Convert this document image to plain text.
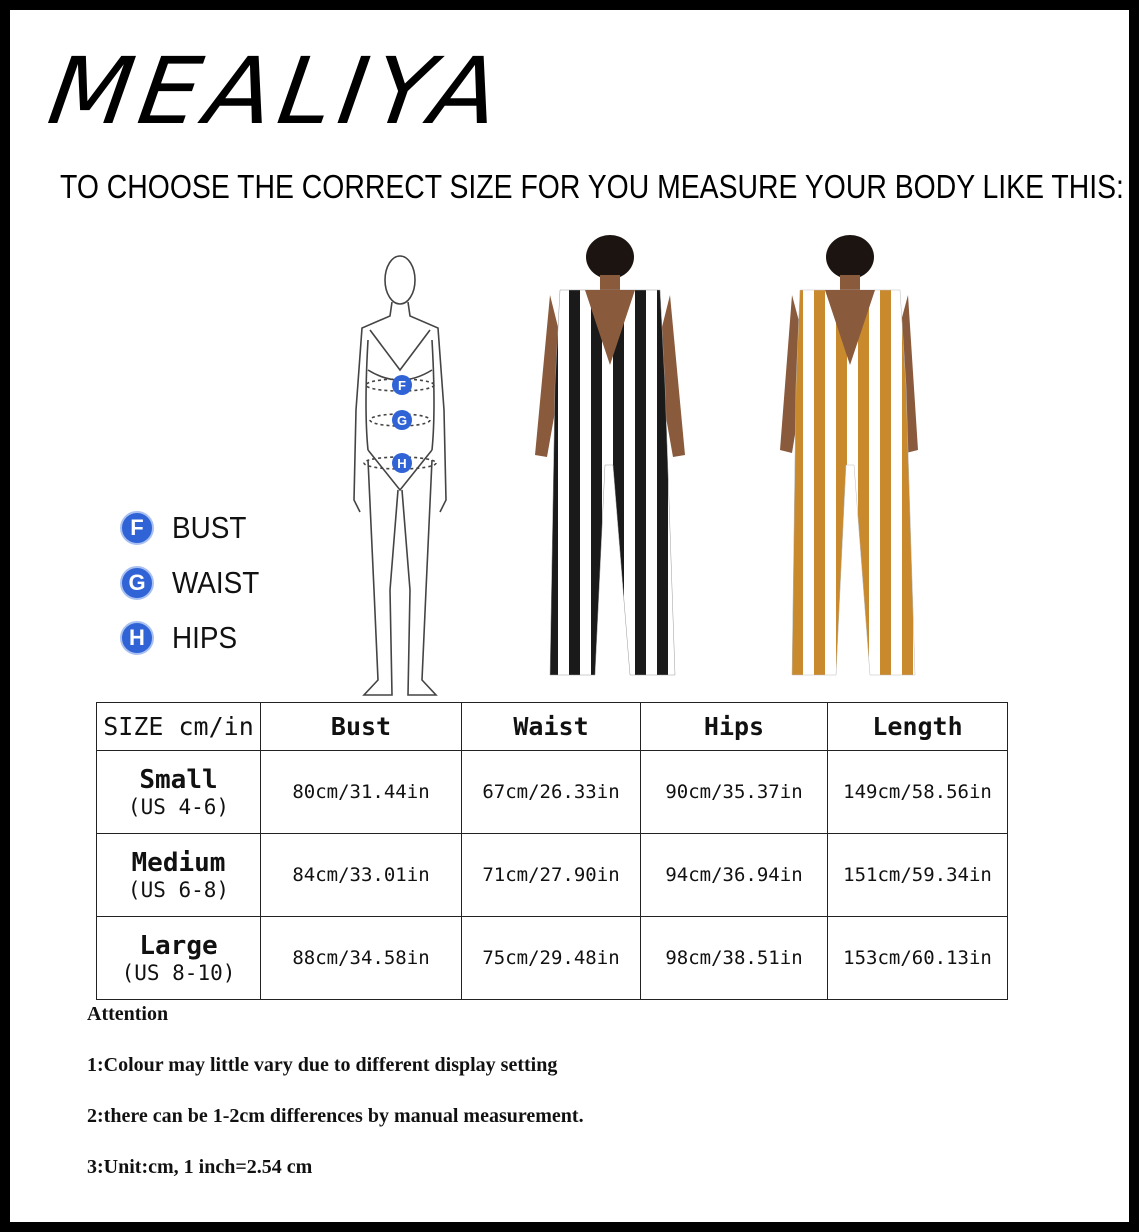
MEALIYA
TO CHOOSE THE CORRECT SIZE FOR YOU MEASURE YOUR BODY LIKE THIS:
F
G
H
F BUST
G WAIST
H HIPS
SIZE cm/in	Bust	Waist	Hips	Length

Small
(US 4-6)	80cm/31.44in	67cm/26.33in	90cm/35.37in	149cm/58.56in

Medium
(US 6-8)	84cm/33.01in	71cm/27.90in	94cm/36.94in	151cm/59.34in

Large
(US 8-10)	88cm/34.58in	75cm/29.48in	98cm/38.51in	153cm/60.13in
Attention
1:Colour may little vary due to different display setting
2:there can be 1-2cm differences by manual measurement.
3:Unit:cm, 1 inch=2.54 cm
